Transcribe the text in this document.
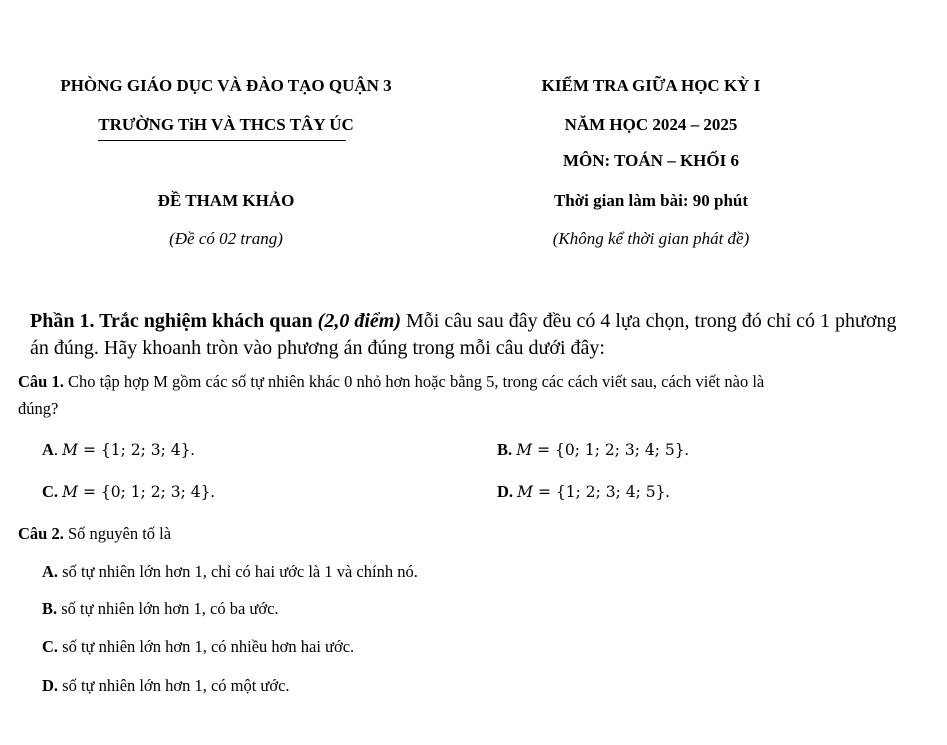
PHÒNG GIÁO DỤC VÀ ĐÀO TẠO QUẬN 3
TRƯỜNG TiH VÀ THCS TÂY ÚC
KIỂM TRA GIỮA HỌC KỲ I
NĂM HỌC 2024 – 2025
MÔN: TOÁN – KHỐI 6
ĐỀ THAM KHẢO	Thời gian làm bài: 90 phút
(Đề có 02 trang)	(Không kể thời gian phát đề)
Phần 1. Trắc nghiệm khách quan (2,0 điểm) Mỗi câu sau đây đều có 4 lựa chọn, trong đó chỉ có 1 phương án đúng. Hãy khoanh tròn vào phương án đúng trong mỗi câu dưới đây:
Câu 1. Cho tập hợp M gồm các số tự nhiên khác 0 nhỏ hơn hoặc bằng 5, trong các cách viết sau, cách viết nào là
đúng?
A. M = {1; 2; 3; 4}.	B. M = {0; 1; 2; 3; 4; 5}.
C. M = {0; 1; 2; 3; 4}.	D. M = {1; 2; 3; 4; 5}.
Câu 2. Số nguyên tố là
A. số tự nhiên lớn hơn 1, chỉ có hai ước là 1 và chính nó.
B. số tự nhiên lớn hơn 1, có ba ước.
C. số tự nhiên lớn hơn 1, có nhiều hơn hai ước.
D. số tự nhiên lớn hơn 1, có một ước.
